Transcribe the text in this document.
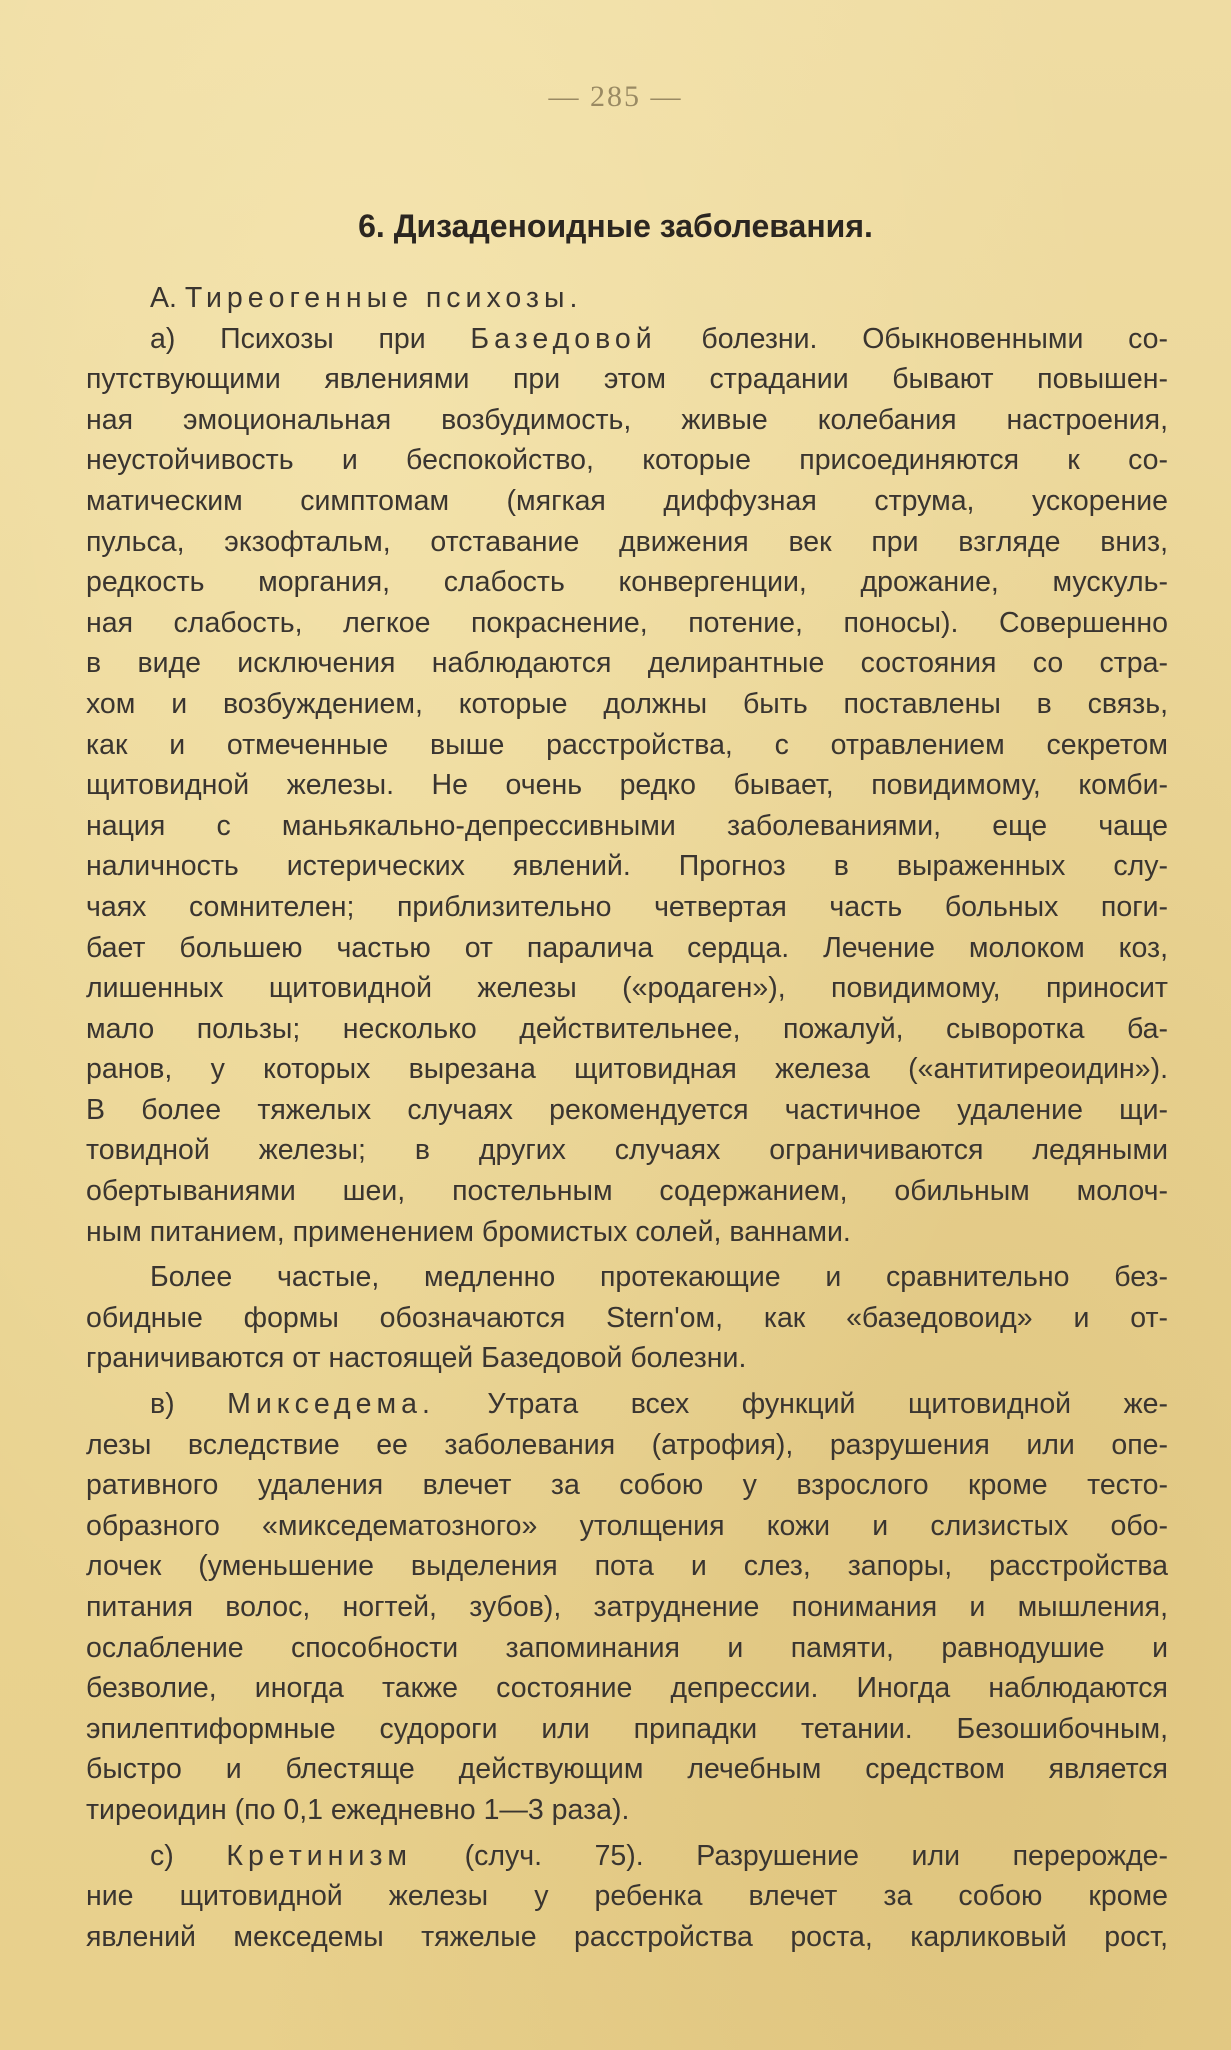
— 285 —
6. Дизаденоидные заболевания.

А. Тиреогенные психозы.

а) Психозы при Базедовой болезни. Обыкновенными со-

путствующими явлениями при этом страдании бывают повышен-

ная эмоциональная возбудимость, живые колебания настроения,

неустойчивость и беспокойство, которые присоединяются к со-

матическим симптомам (мягкая диффузная струма, ускорение

пульса, экзофтальм, отставание движения век при взгляде вниз,

редкость моргания, слабость конвергенции, дрожание, мускуль-

ная слабость, легкое покраснение, потение, поносы). Совершенно

в виде исключения наблюдаются делирантные состояния со стра-

хом и возбуждением, которые должны быть поставлены в связь,

как и отмеченные выше расстройства, с отравлением секретом

щитовидной железы. Не очень редко бывает, повидимому, комби-

нация с маньякально-депрессивными заболеваниями, еще чаще

наличность истерических явлений. Прогноз в выраженных слу-

чаях сомнителен; приблизительно четвертая часть больных поги-

бает большею частью от паралича сердца. Лечение молоком коз,

лишенных щитовидной железы («родаген»), повидимому, приносит

мало пользы; несколько действительнее, пожалуй, сыворотка ба-

ранов, у которых вырезана щитовидная железа («антитиреоидин»).

В более тяжелых случаях рекомендуется частичное удаление щи-

товидной железы; в других случаях ограничиваются ледяными

обертываниями шеи, постельным содержанием, обильным молоч-

ным питанием, применением бромистых солей, ваннами.

Более частые, медленно протекающие и сравнительно без-

обидные формы обозначаются Stern'ом, как «базедовоид» и от-

граничиваются от настоящей Базедовой болезни.

в) Микседема. Утрата всех функций щитовидной же-

лезы вследствие ее заболевания (атрофия), разрушения или опе-

ративного удаления влечет за собою у взрослого кроме тесто-

образного «микседематозного» утолщения кожи и слизистых обо-

лочек (уменьшение выделения пота и слез, запоры, расстройства

питания волос, ногтей, зубов), затруднение понимания и мышления,

ослабление способности запоминания и памяти, равнодушие и

безволие, иногда также состояние депрессии. Иногда наблюдаются

эпилептиформные судороги или припадки тетании. Безошибочным,

быстро и блестяще действующим лечебным средством является

тиреоидин (по 0,1 ежедневно 1—3 раза).

с) Кретинизм (случ. 75). Разрушение или перерожде-

ние щитовидной железы у ребенка влечет за собою кроме

явлений мекседемы тяжелые расстройства роста, карликовый рост,
